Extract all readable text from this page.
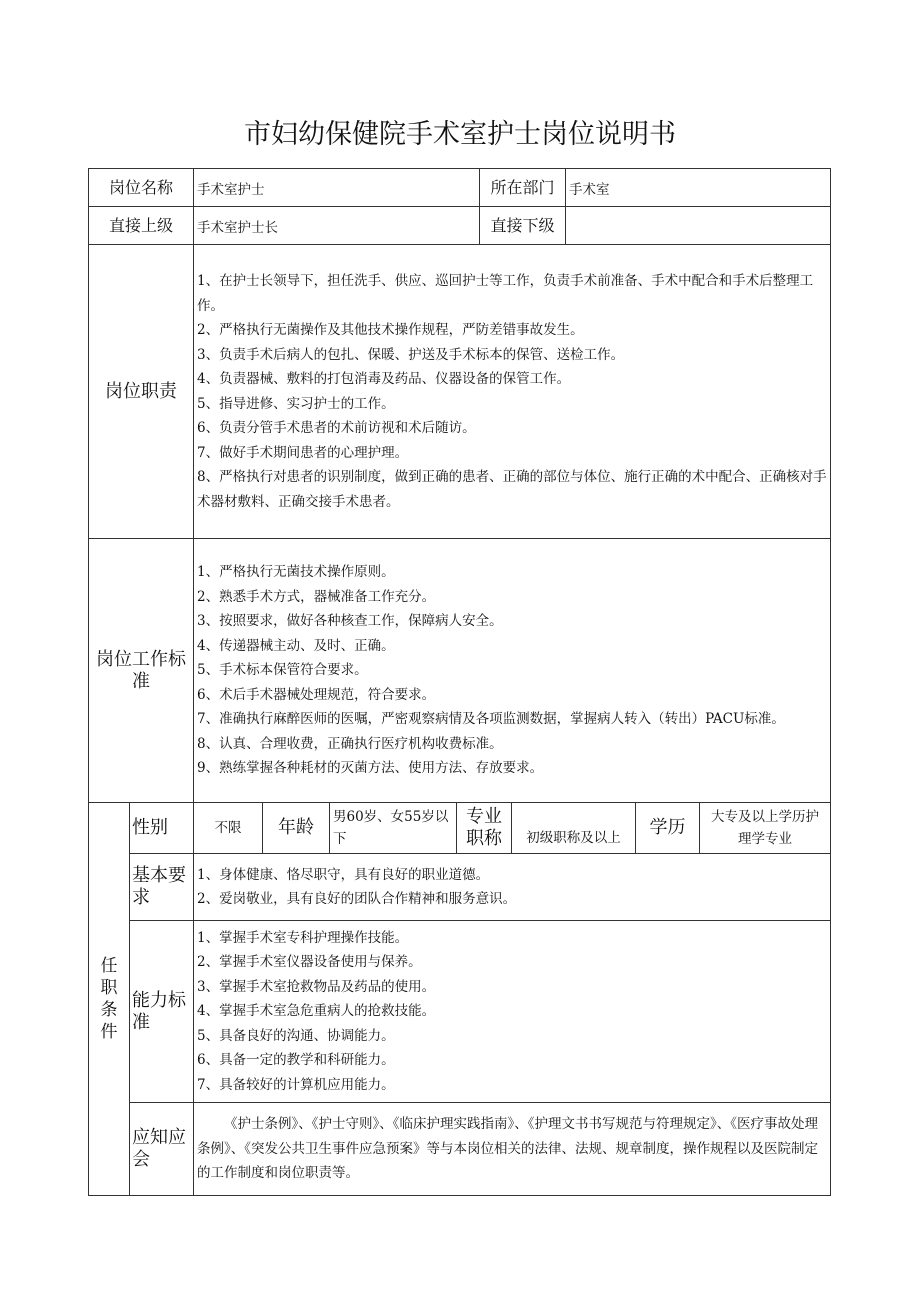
市妇幼保健院手术室护士岗位说明书
岗位名称	手术室护士	所在部门	手术室
直接上级	手术室护士长	直接下级
岗位职责
1、在护士长领导下，担任洗手、供应、巡回护士等工作，负责手术前准备、手术中配合和手术后整理工作。
2、严格执行无菌操作及其他技术操作规程，严防差错事故发生。
3、负责手术后病人的包扎、保暖、护送及手术标本的保管、送检工作。
4、负责器械、敷料的打包消毒及药品、仪器设备的保管工作。
5、指导进修、实习护士的工作。
6、负责分管手术患者的术前访视和术后随访。
7、做好手术期间患者的心理护理。
8、严格执行对患者的识别制度，做到正确的患者、正确的部位与体位、施行正确的术中配合、正确核对手术器材敷料、正确交接手术患者。
岗位工作标准
1、严格执行无菌技术操作原则。
2、熟悉手术方式，器械准备工作充分。
3、按照要求，做好各种核查工作，保障病人安全。
4、传递器械主动、及时、正确。
5、手术标本保管符合要求。
6、术后手术器械处理规范，符合要求。
7、准确执行麻醉医师的医嘱，严密观察病情及各项监测数据，掌握病人转入（转出）PACU标准。
8、认真、合理收费，正确执行医疗机构收费标准。
9、熟练掌握各种耗材的灭菌方法、使用方法、存放要求。
任职条件
性别	不限	年龄	男60岁、女55岁以下
专业职称	初级职称及以上	学历	大专及以上学历护理学专业
基本要求
1、身体健康、恪尽职守，具有良好的职业道德。
2、爱岗敬业，具有良好的团队合作精神和服务意识。
能力标准
1、掌握手术室专科护理操作技能。
2、掌握手术室仪器设备使用与保养。
3、掌握手术室抢救物品及药品的使用。
4、掌握手术室急危重病人的抢救技能。
5、具备良好的沟通、协调能力。
6、具备一定的教学和科研能力。
7、具备较好的计算机应用能力。
应知应会
《护士条例》、《护士守则》、《临床护理实践指南》、《护理文书书写规范与符理规定》、《医疗事故处理条例》、《突发公共卫生事件应急预案》等与本岗位相关的法律、法规、规章制度，操作规程以及医院制定的工作制度和岗位职责等。
